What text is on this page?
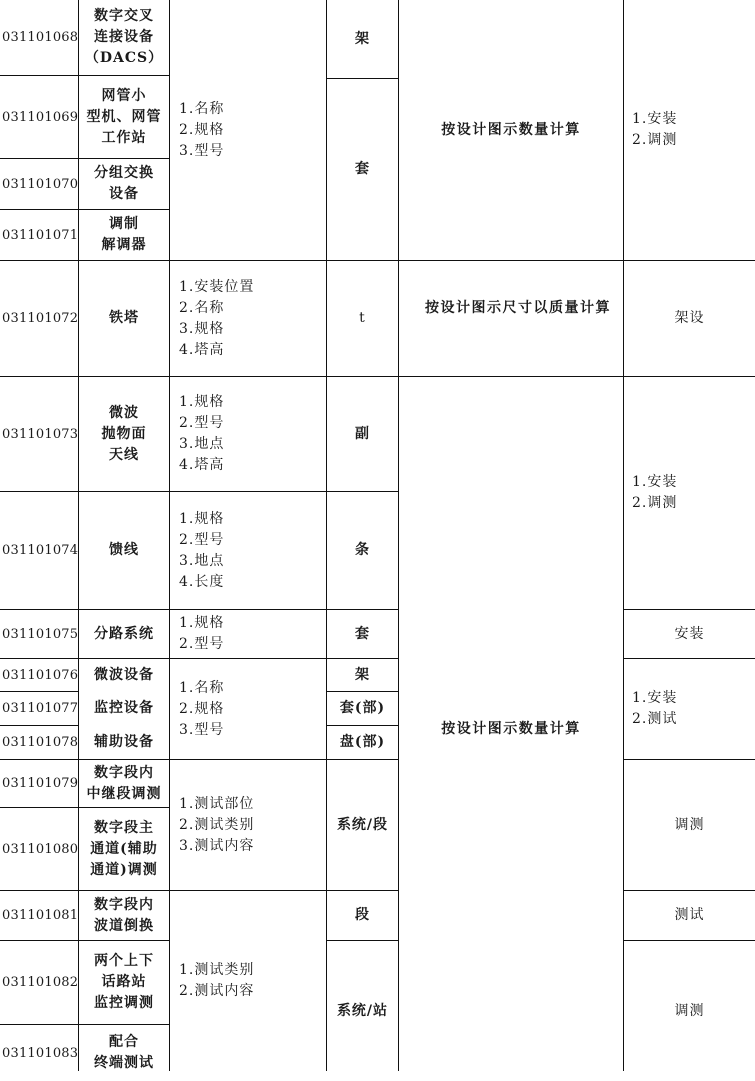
031101068
031101069
031101070
031101071
031101072
031101073
031101074
031101075
031101076
031101077
031101078
031101079
031101080
031101081
031101082
031101083
数字交叉
连接设备
（DACS）
网管小
型机、网管
工作站
分组交换
设备
调制
解调器
铁塔
微波
抛物面
天线
馈线
分路系统
微波设备
监控设备
辅助设备
数字段内
中继段调测
数字段主
通道(辅助
通道)调测
数字段内
波道倒换
两个上下
话路站
监控调测
配合
终端测试
1.名称
2.规格
3.型号
1.安装位置
2.名称
3.规格
4.塔高
1.规格
2.型号
3.地点
4.塔高
1.规格
2.型号
3.地点
4.长度
1.规格
2.型号
1.名称
2.规格
3.型号
1.测试部位
2.测试类别
3.测试内容
1.测试类别
2.测试内容
架
套
t
副
条
套
架
套(部)
盘(部)
系统/段
段
系统/站
按设计图示数量计算
按设计图示尺寸以质量计算
按设计图示数量计算
1.安装
2.调测
架设
1.安装
2.调测
安装
1.安装
2.测试
调测
测试
调测
